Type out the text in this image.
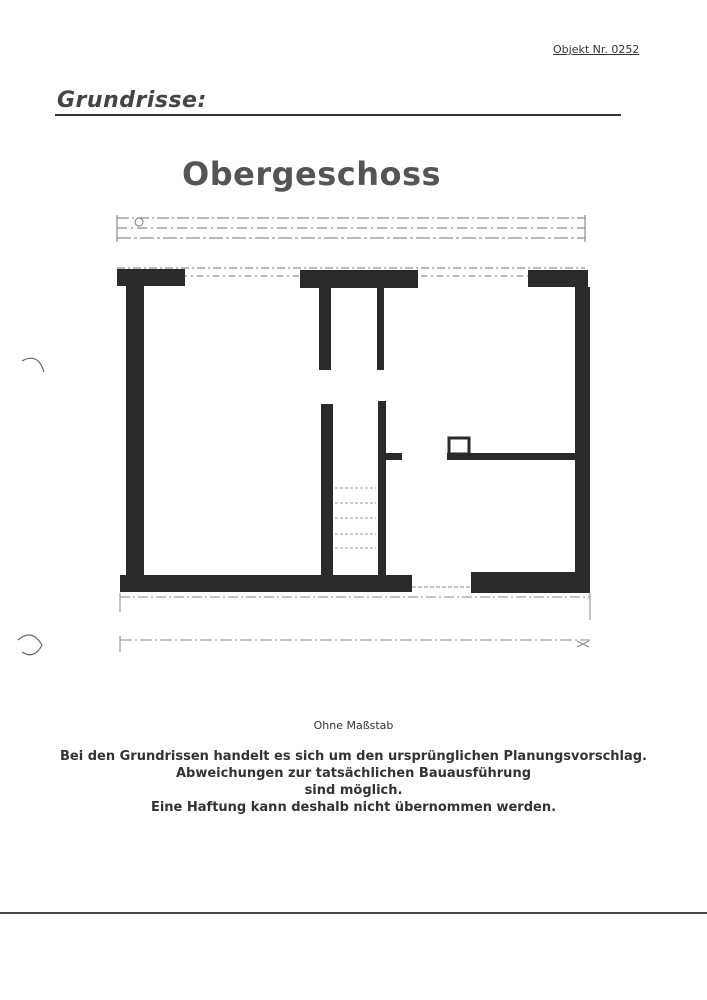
Objekt Nr. 0252
Grundrisse:
Obergeschoss
Ohne Maßstab
Bei den Grundrissen handelt es sich um den ursprünglichen Planungsvorschlag.
Abweichungen zur tatsächlichen Bauausführung
sind möglich.
Eine Haftung kann deshalb nicht übernommen werden.
